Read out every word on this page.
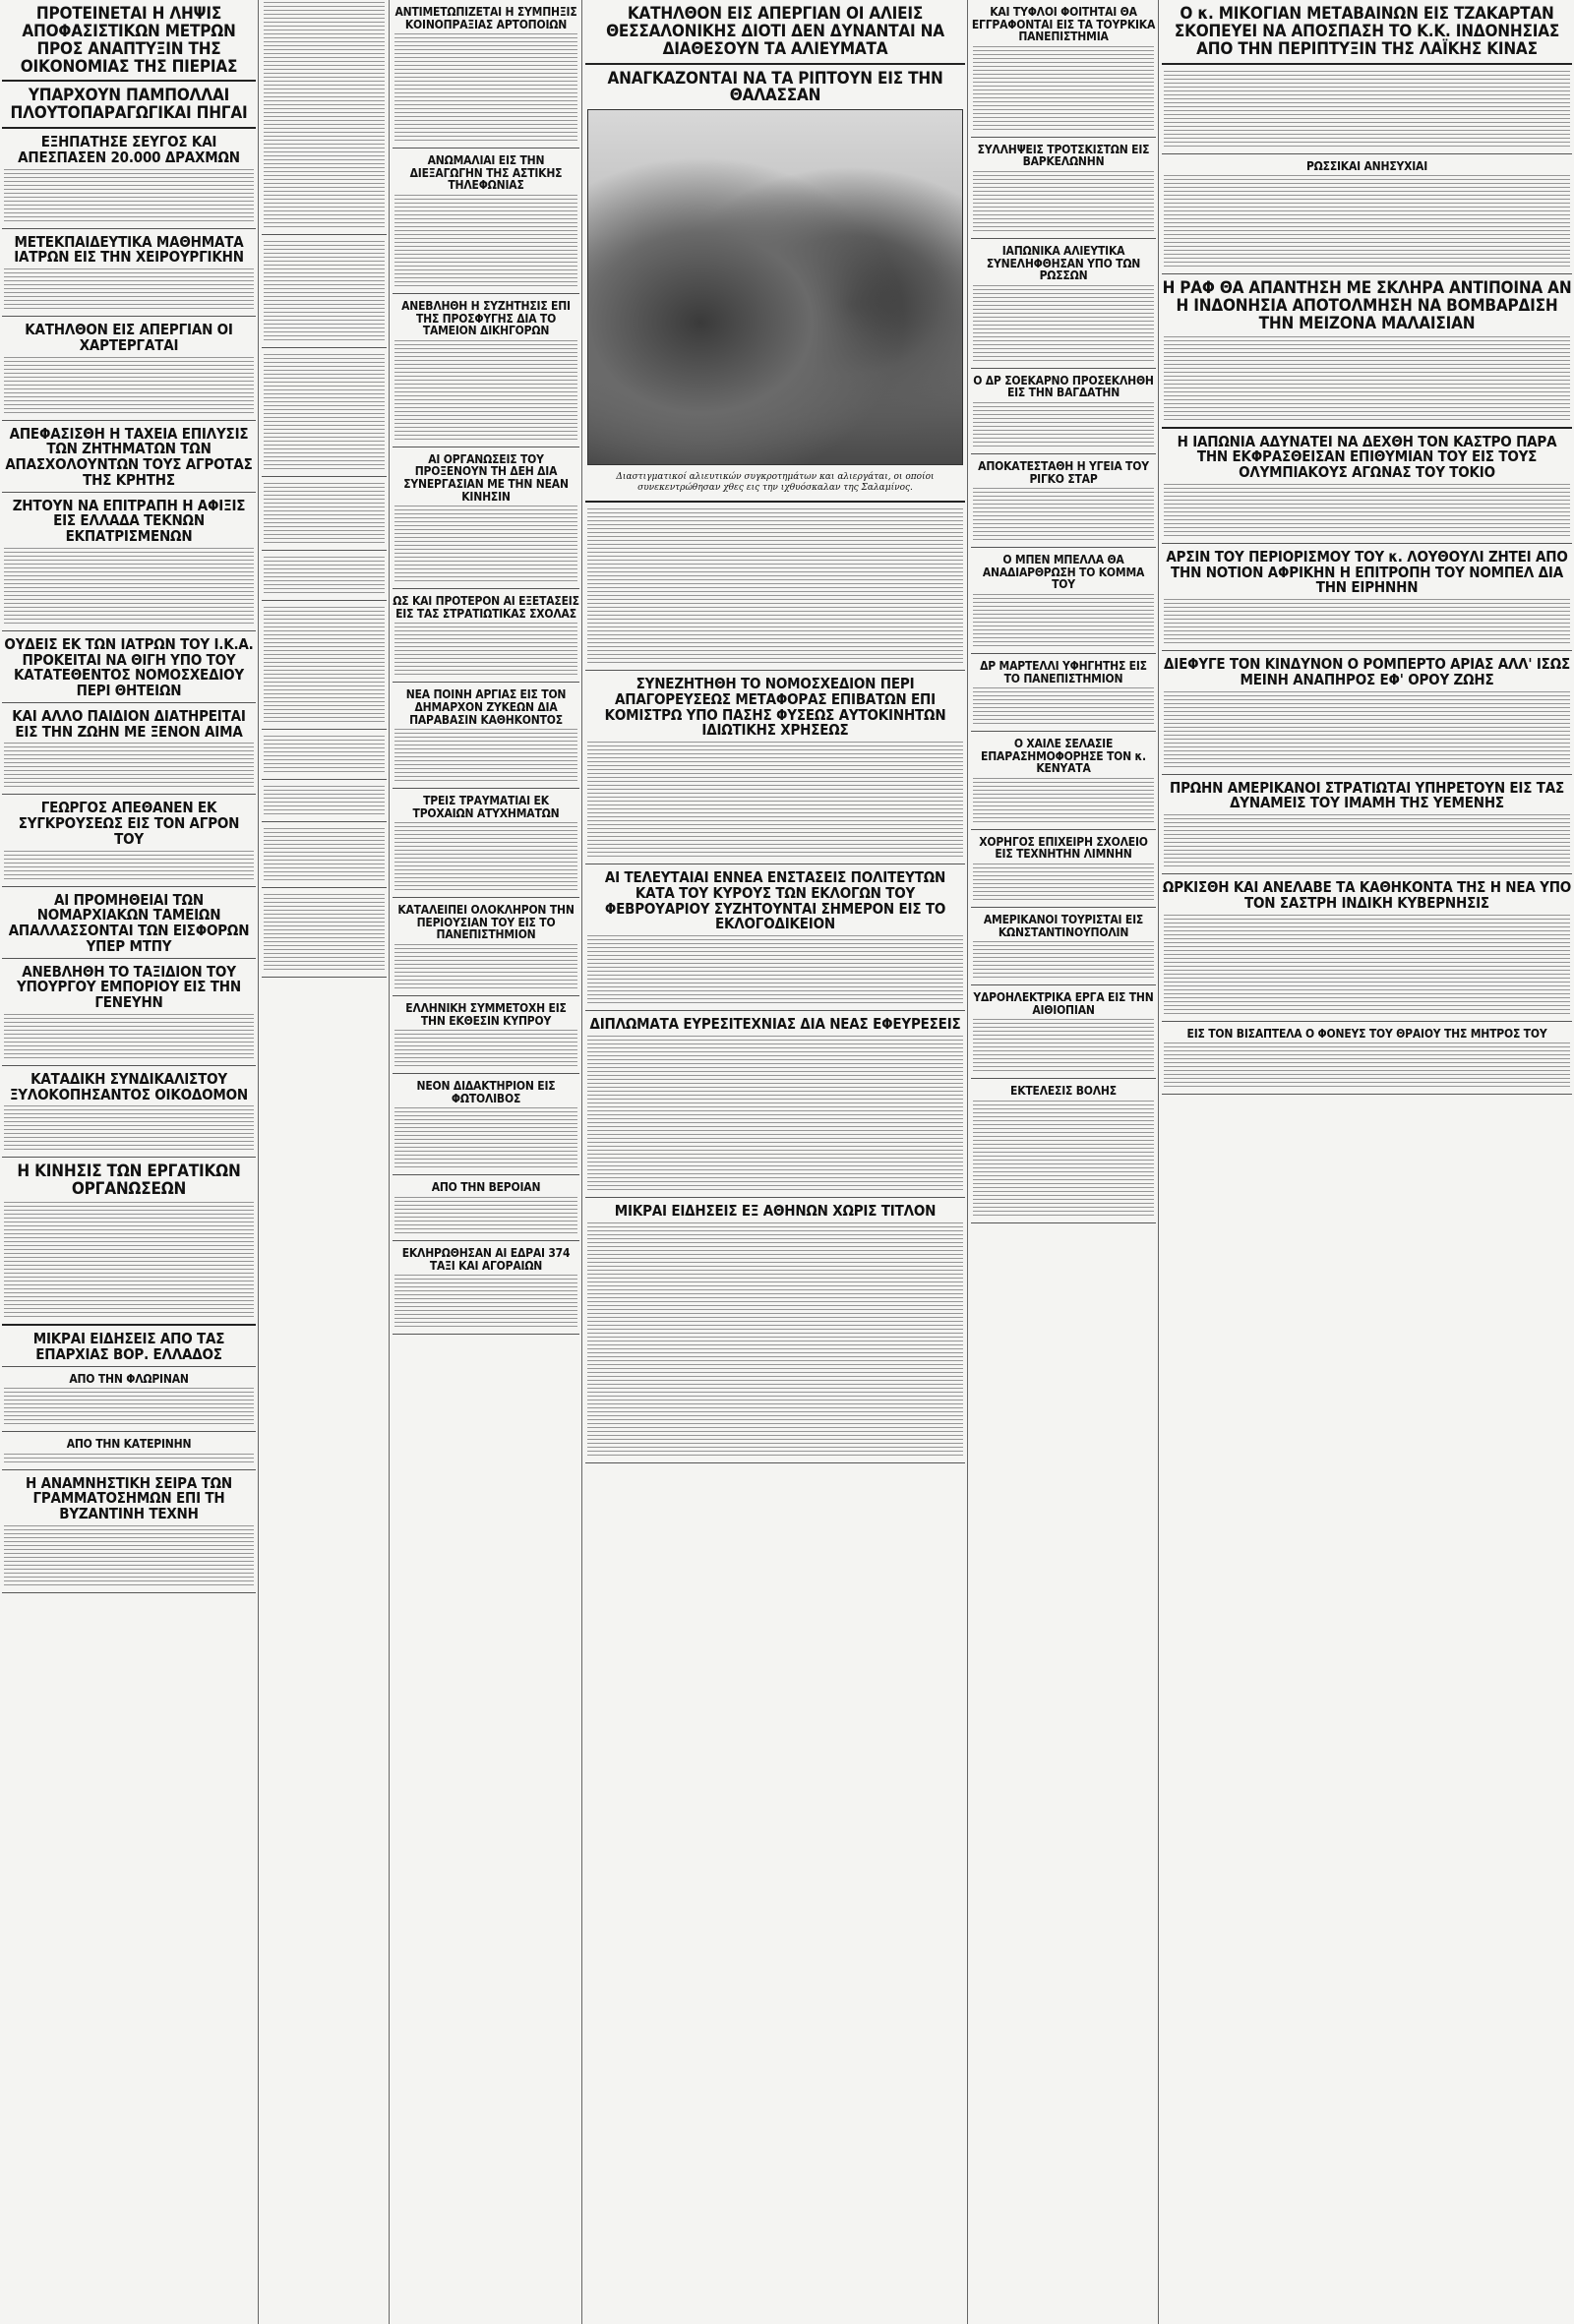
ΠΡΟΤΕΙΝΕΤΑΙ Η ΛΗΨΙΣ ΑΠΟΦΑΣΙΣΤΙΚΩΝ ΜΕΤΡΩΝ ΠΡΟΣ ΑΝΑΠΤΥΞΙΝ ΤΗΣ ΟΙΚΟΝΟΜΙΑΣ ΤΗΣ ΠΙΕΡΙΑΣ
ΥΠΑΡΧΟΥΝ ΠΑΜΠΟΛΛΑΙ ΠΛΟΥΤΟΠΑΡΑΓΩΓΙΚΑΙ ΠΗΓΑΙ
ΕΞΗΠΑΤΗΣΕ ΣΕΥΓΟΣ ΚΑΙ ΑΠΕΣΠΑΣΕΝ 20.000 ΔΡΑΧΜΩΝ
ΜΕΤΕΚΠΑΙΔΕΥΤΙΚΑ ΜΑΘΗΜΑΤΑ ΙΑΤΡΩΝ ΕΙΣ ΤΗΝ ΧΕΙΡΟΥΡΓΙΚΗΝ
ΚΑΤΗΛΘΟΝ ΕΙΣ ΑΠΕΡΓΙΑΝ ΟΙ ΧΑΡΤΕΡΓΑΤΑΙ
ΑΠΕΦΑΣΙΣΘΗ Η ΤΑΧΕΙΑ ΕΠΙΛΥΣΙΣ ΤΩΝ ΖΗΤΗΜΑΤΩΝ ΤΩΝ ΑΠΑΣΧΟΛΟΥΝΤΩΝ ΤΟΥΣ ΑΓΡΟΤΑΣ ΤΗΣ ΚΡΗΤΗΣ
ΖΗΤΟΥΝ ΝΑ ΕΠΙΤΡΑΠΗ Η ΑΦΙΞΙΣ ΕΙΣ ΕΛΛΑΔΑ ΤΕΚΝΩΝ ΕΚΠΑΤΡΙΣΜΕΝΩΝ
ΟΥΔΕΙΣ ΕΚ ΤΩΝ ΙΑΤΡΩΝ ΤΟΥ Ι.Κ.Α. ΠΡΟΚΕΙΤΑΙ ΝΑ ΘΙΓΗ ΥΠΟ ΤΟΥ ΚΑΤΑΤΕΘΕΝΤΟΣ ΝΟΜΟΣΧΕΔΙΟΥ ΠΕΡΙ ΘΗΤΕΙΩΝ
ΚΑΙ ΑΛΛΟ ΠΑΙΔΙΟΝ ΔΙΑΤΗΡΕΙΤΑΙ ΕΙΣ ΤΗΝ ΖΩΗΝ ΜΕ ΞΕΝΟΝ ΑΙΜΑ
ΓΕΩΡΓΟΣ ΑΠΕΘΑΝΕΝ ΕΚ ΣΥΓΚΡΟΥΣΕΩΣ ΕΙΣ ΤΟΝ ΑΓΡΟΝ ΤΟΥ
ΑΙ ΠΡΟΜΗΘΕΙΑΙ ΤΩΝ ΝΟΜΑΡΧΙΑΚΩΝ ΤΑΜΕΙΩΝ ΑΠΑΛΛΑΣΣΟΝΤΑΙ ΤΩΝ ΕΙΣΦΟΡΩΝ ΥΠΕΡ ΜΤΠΥ
ΑΝΕΒΛΗΘΗ ΤΟ ΤΑΞΙΔΙΟΝ ΤΟΥ ΥΠΟΥΡΓΟΥ ΕΜΠΟΡΙΟΥ ΕΙΣ ΤΗΝ ΓΕΝΕΥΗΝ
ΚΑΤΑΔΙΚΗ ΣΥΝΔΙΚΑΛΙΣΤΟΥ ΞΥΛΟΚΟΠΗΣΑΝΤΟΣ ΟΙΚΟΔΟΜΟΝ
Η ΚΙΝΗΣΙΣ ΤΩΝ ΕΡΓΑΤΙΚΩΝ ΟΡΓΑΝΩΣΕΩΝ
ΜΙΚΡΑΙ ΕΙΔΗΣΕΙΣ ΑΠΟ ΤΑΣ ΕΠΑΡΧΙΑΣ ΒΟΡ. ΕΛΛΑΔΟΣ
ΑΠΟ ΤΗΝ ΦΛΩΡΙΝΑΝ
ΑΠΟ ΤΗΝ ΚΑΤΕΡΙΝΗΝ
Η ΑΝΑΜΝΗΣΤΙΚΗ ΣΕΙΡΑ ΤΩΝ ΓΡΑΜΜΑΤΟΣΗΜΩΝ ΕΠΙ ΤΗ ΒΥΖΑΝΤΙΝΗ ΤΕΧΝΗ
ΑΝΤΙΜΕΤΩΠΙΖΕΤΑΙ Η ΣΥΜΠΗΞΙΣ ΚΟΙΝΟΠΡΑΞΙΑΣ ΑΡΤΟΠΟΙΩΝ
ΑΝΩΜΑΛΙΑΙ ΕΙΣ ΤΗΝ ΔΙΕΞΑΓΩΓΗΝ ΤΗΣ ΑΣΤΙΚΗΣ ΤΗΛΕΦΩΝΙΑΣ
ΑΝΕΒΛΗΘΗ Η ΣΥΖΗΤΗΣΙΣ ΕΠΙ ΤΗΣ ΠΡΟΣΦΥΓΗΣ ΔΙΑ ΤΟ ΤΑΜΕΙΟΝ ΔΙΚΗΓΟΡΩΝ
ΑΙ ΟΡΓΑΝΩΣΕΙΣ ΤΟΥ ΠΡΟΞΕΝΟΥΝ ΤΗ ΔΕΗ ΔΙΑ ΣΥΝΕΡΓΑΣΙΑΝ ΜΕ ΤΗΝ ΝΕΑΝ ΚΙΝΗΣΙΝ
ΩΣ ΚΑΙ ΠΡΟΤΕΡΟΝ ΑΙ ΕΞΕΤΑΣΕΙΣ ΕΙΣ ΤΑΣ ΣΤΡΑΤΙΩΤΙΚΑΣ ΣΧΟΛΑΣ
ΝΕΑ ΠΟΙΝΗ ΑΡΓΙΑΣ ΕΙΣ ΤΟΝ ΔΗΜΑΡΧΟΝ ΖΥΚΕΩΝ ΔΙΑ ΠΑΡΑΒΑΣΙΝ ΚΑΘΗΚΟΝΤΟΣ
ΤΡΕΙΣ ΤΡΑΥΜΑΤΙΑΙ ΕΚ ΤΡΟΧΑΙΩΝ ΑΤΥΧΗΜΑΤΩΝ
ΚΑΤΑΛΕΙΠΕΙ ΟΛΟΚΛΗΡΟΝ ΤΗΝ ΠΕΡΙΟΥΣΙΑΝ ΤΟΥ ΕΙΣ ΤΟ ΠΑΝΕΠΙΣΤΗΜΙΟΝ
ΕΛΛΗΝΙΚΗ ΣΥΜΜΕΤΟΧΗ ΕΙΣ ΤΗΝ ΕΚΘΕΣΙΝ ΚΥΠΡΟΥ
ΝΕΟΝ ΔΙΔΑΚΤΗΡΙΟΝ ΕΙΣ ΦΩΤΟΛΙΒΟΣ
ΑΠΟ ΤΗΝ ΒΕΡΟΙΑΝ
ΕΚΛΗΡΩΘΗΣΑΝ ΑΙ ΕΔΡΑΙ 374 ΤΑΞΙ ΚΑΙ ΑΓΟΡΑΙΩΝ
ΚΑΤΗΛΘΟΝ ΕΙΣ ΑΠΕΡΓΙΑΝ ΟΙ ΑΛΙΕΙΣ ΘΕΣΣΑΛΟΝΙΚΗΣ ΔΙΟΤΙ ΔΕΝ ΔΥΝΑΝΤΑΙ ΝΑ ΔΙΑΘΕΣΟΥΝ ΤΑ ΑΛΙΕΥΜΑΤΑ
ΑΝΑΓΚΑΖΟΝΤΑΙ ΝΑ ΤΑ ΡΙΠΤΟΥΝ ΕΙΣ ΤΗΝ ΘΑΛΑΣΣΑΝ
Διαστιγματικοί αλιευτικών συγκροτημάτων και αλιεργάται, οι οποίοι συνεκεντρώθησαν χθες εις την ιχθυόσκαλαν της Σαλαμίνος.
ΣΥΝΕΖΗΤΗΘΗ ΤΟ ΝΟΜΟΣΧΕΔΙΟΝ ΠΕΡΙ ΑΠΑΓΟΡΕΥΣΕΩΣ ΜΕΤΑΦΟΡΑΣ ΕΠΙΒΑΤΩΝ ΕΠΙ ΚΟΜΙΣΤΡΩ ΥΠΟ ΠΑΣΗΣ ΦΥΣΕΩΣ ΑΥΤΟΚΙΝΗΤΩΝ ΙΔΙΩΤΙΚΗΣ ΧΡΗΣΕΩΣ
ΑΙ ΤΕΛΕΥΤΑΙΑΙ ΕΝΝΕΑ ΕΝΣΤΑΣΕΙΣ ΠΟΛΙΤΕΥΤΩΝ ΚΑΤΑ ΤΟΥ ΚΥΡΟΥΣ ΤΩΝ ΕΚΛΟΓΩΝ ΤΟΥ ΦΕΒΡΟΥΑΡΙΟΥ ΣΥΖΗΤΟΥΝΤΑΙ ΣΗΜΕΡΟΝ ΕΙΣ ΤΟ ΕΚΛΟΓΟΔΙΚΕΙΟΝ
ΔΙΠΛΩΜΑΤΑ ΕΥΡΕΣΙΤΕΧΝΙΑΣ ΔΙΑ ΝΕΑΣ ΕΦΕΥΡΕΣΕΙΣ
ΜΙΚΡΑΙ ΕΙΔΗΣΕΙΣ ΕΞ ΑΘΗΝΩΝ ΧΩΡΙΣ ΤΙΤΛΟΝ
ΚΑΙ ΤΥΦΛΟΙ ΦΟΙΤΗΤΑΙ ΘΑ ΕΓΓΡΑΦΟΝΤΑΙ ΕΙΣ ΤΑ ΤΟΥΡΚΙΚΑ ΠΑΝΕΠΙΣΤΗΜΙΑ
ΣΥΛΛΗΨΕΙΣ ΤΡΟΤΣΚΙΣΤΩΝ ΕΙΣ ΒΑΡΚΕΛΩΝΗΝ
ΙΑΠΩΝΙΚΑ ΑΛΙΕΥΤΙΚΑ ΣΥΝΕΛΗΦΘΗΣΑΝ ΥΠΟ ΤΩΝ ΡΩΣΣΩΝ
Ο ΔΡ ΣΟΕΚΑΡΝΟ ΠΡΟΣΕΚΛΗΘΗ ΕΙΣ ΤΗΝ ΒΑΓΔΑΤΗΝ
ΑΠΟΚΑΤΕΣΤΑΘΗ Η ΥΓΕΙΑ ΤΟΥ ΡΙΓΚΟ ΣΤΑΡ
Ο ΜΠΕΝ ΜΠΕΛΛΑ ΘΑ ΑΝΑΔΙΑΡΘΡΩΣΗ ΤΟ ΚΟΜΜΑ ΤΟΥ
ΔΡ ΜΑΡΤΕΛΛΙ ΥΦΗΓΗΤΗΣ ΕΙΣ ΤΟ ΠΑΝΕΠΙΣΤΗΜΙΟΝ
Ο ΧΑΙΛΕ ΣΕΛΑΣΙΕ ΕΠΑΡΑΣΗΜΟΦΟΡΗΣΕ ΤΟΝ κ. ΚΕΝΥΑΤΑ
ΧΟΡΗΓΟΣ ΕΠΙΧΕΙΡΗ ΣΧΟΛΕΙΟ ΕΙΣ ΤΕΧΝΗΤΗΝ ΛΙΜΝΗΝ
ΑΜΕΡΙΚΑΝΟΙ ΤΟΥΡΙΣΤΑΙ ΕΙΣ ΚΩΝΣΤΑΝΤΙΝΟΥΠΟΛΙΝ
ΥΔΡΟΗΛΕΚΤΡΙΚΑ ΕΡΓΑ ΕΙΣ ΤΗΝ ΑΙΘΙΟΠΙΑΝ
ΕΚΤΕΛΕΣΙΣ ΒΟΛΗΣ
Ο κ. ΜΙΚΟΓΙΑΝ ΜΕΤΑΒΑΙΝΩΝ ΕΙΣ ΤΖΑΚΑΡΤΑΝ ΣΚΟΠΕΥΕΙ ΝΑ ΑΠΟΣΠΑΣΗ ΤΟ Κ.Κ. ΙΝΔΟΝΗΣΙΑΣ ΑΠΟ ΤΗΝ ΠΕΡΙΠΤΥΞΙΝ ΤΗΣ ΛΑΪΚΗΣ ΚΙΝΑΣ
ΡΩΣΣΙΚΑΙ ΑΝΗΣΥΧΙΑΙ
Η ΡΑΦ ΘΑ ΑΠΑΝΤΗΣΗ ΜΕ ΣΚΛΗΡΑ ΑΝΤΙΠΟΙΝΑ ΑΝ Η ΙΝΔΟΝΗΣΙΑ ΑΠΟΤΟΛΜΗΣΗ ΝΑ ΒΟΜΒΑΡΔΙΣΗ ΤΗΝ ΜΕΙΖΟΝΑ ΜΑΛΑΙΣΙΑΝ
Η ΙΑΠΩΝΙΑ ΑΔΥΝΑΤΕΙ ΝΑ ΔΕΧΘΗ ΤΟΝ ΚΑΣΤΡΟ ΠΑΡΑ ΤΗΝ ΕΚΦΡΑΣΘΕΙΣΑΝ ΕΠΙΘΥΜΙΑΝ ΤΟΥ ΕΙΣ ΤΟΥΣ ΟΛΥΜΠΙΑΚΟΥΣ ΑΓΩΝΑΣ ΤΟΥ ΤΟΚΙΟ
ΑΡΣΙΝ ΤΟΥ ΠΕΡΙΟΡΙΣΜΟΥ ΤΟΥ κ. ΛΟΥΘΟΥΛΙ ΖΗΤΕΙ ΑΠΟ ΤΗΝ ΝΟΤΙΟΝ ΑΦΡΙΚΗΝ Η ΕΠΙΤΡΟΠΗ ΤΟΥ ΝΟΜΠΕΛ ΔΙΑ ΤΗΝ ΕΙΡΗΝΗΝ
ΔΙΕΦΥΓΕ ΤΟΝ ΚΙΝΔΥΝΟΝ Ο ΡΟΜΠΕΡΤΟ ΑΡΙΑΣ ΑΛΛ' ΙΣΩΣ ΜΕΙΝΗ ΑΝΑΠΗΡΟΣ ΕΦ' ΟΡΟΥ ΖΩΗΣ
ΠΡΩΗΝ ΑΜΕΡΙΚΑΝΟΙ ΣΤΡΑΤΙΩΤΑΙ ΥΠΗΡΕΤΟΥΝ ΕΙΣ ΤΑΣ ΔΥΝΑΜΕΙΣ ΤΟΥ ΙΜΑΜΗ ΤΗΣ ΥΕΜΕΝΗΣ
ΩΡΚΙΣΘΗ ΚΑΙ ΑΝΕΛΑΒΕ ΤΑ ΚΑΘΗΚΟΝΤΑ ΤΗΣ Η ΝΕΑ ΥΠΟ ΤΟΝ ΣΑΣΤΡΗ ΙΝΔΙΚΗ ΚΥΒΕΡΝΗΣΙΣ
ΕΙΣ ΤΟΝ ΒΙΣΑΠΤΕΛΑ Ο ΦΟΝΕΥΣ ΤΟΥ ΘΡΑΙΟΥ ΤΗΣ ΜΗΤΡΟΣ ΤΟΥ
